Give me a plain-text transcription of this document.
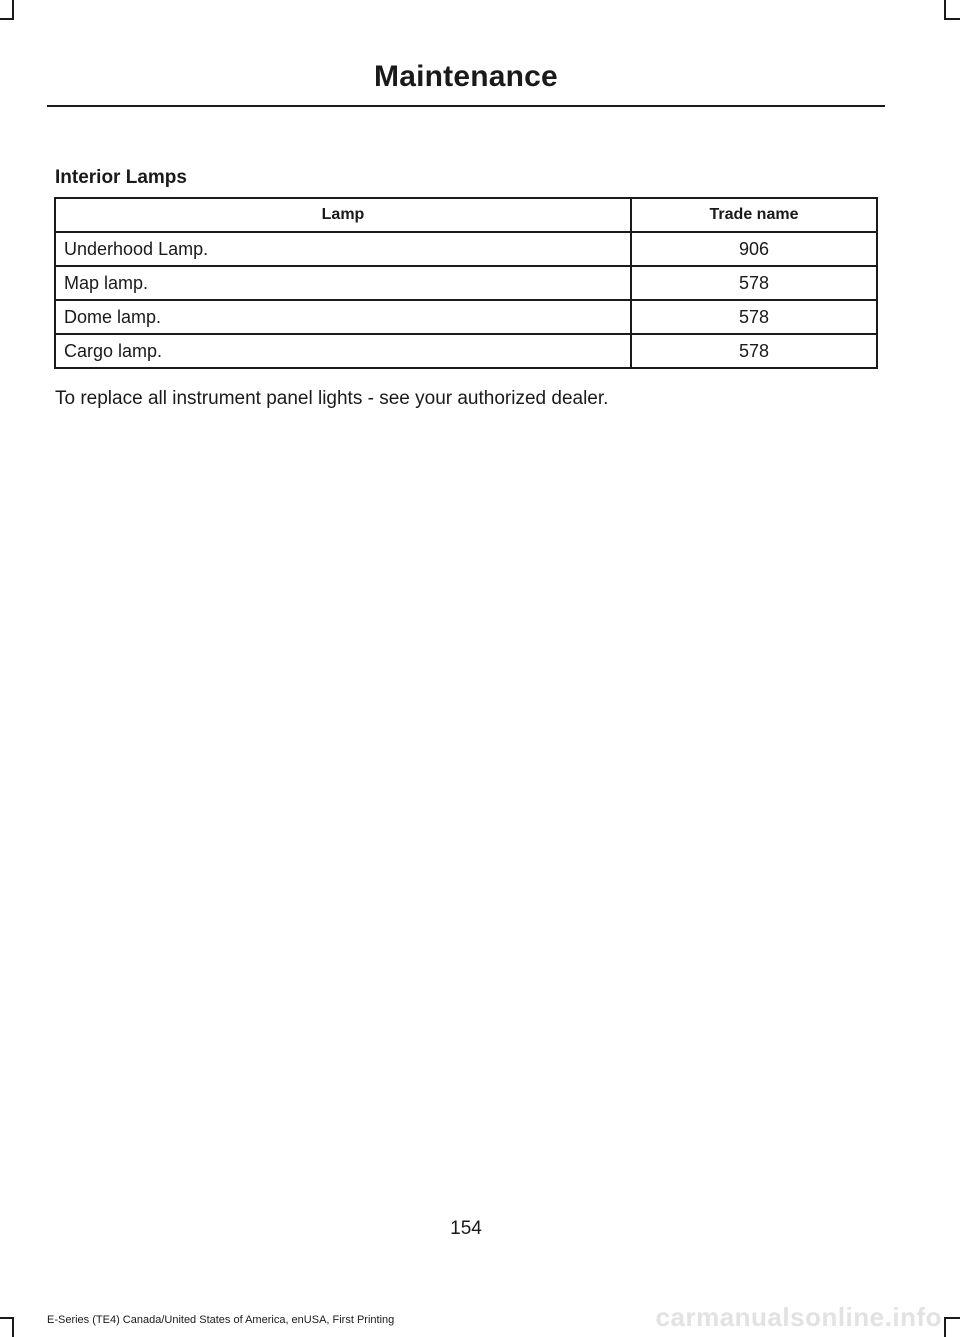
Maintenance
Interior Lamps
Lamp	Trade name
Underhood Lamp.	906
Map lamp.	578
Dome lamp.	578
Cargo lamp.	578
To replace all instrument panel lights - see your authorized dealer.
154
E-Series (TE4) Canada/United States of America, enUSA, First Printing	carmanualsonline.info
